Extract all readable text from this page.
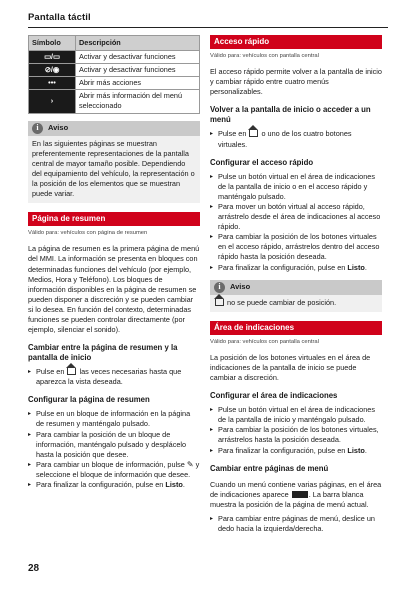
Pantalla táctil
Símbolo	Descripción
▭/▭	Activar y desactivar funciones
⊘/◉	Activar y desactivar funciones
•••	Abrir más acciones
›	Abrir más información del menú seleccionado
i	Aviso
En las siguientes páginas se muestran preferentemente representaciones de la pantalla central de mayor tamaño posible. Dependiendo del equipamiento del vehículo, la representación o la posición de los elementos que se muestran puede variar.
Página de resumen
Válido para: vehículos con página de resumen

La página de resumen es la primera página de menú del MMI. La información se presenta en bloques con determinadas funciones del vehículo (por ejemplo, Medios, Hora y Teléfono). Los bloques de información disponibles en la página de resumen se pueden disponer a discreción y se pueden cambiar si lo desea. En función del contexto, determinadas funciones se pueden controlar directamente (por ejemplo, silenciar el sonido).

Cambiar entre la página de resumen y la pantalla de inicio
▸ Pulse en  las veces necesarias hasta que aparezca la vista deseada.
Configurar la página de resumen
▸ Pulse en un bloque de información en la página de resumen y manténgalo pulsado.
▸ Para cambiar la posición de un bloque de información, manténgalo pulsado y desplácelo hasta la posición que desee.
▸ Para cambiar un bloque de información, pulse ✎ y seleccione el bloque de información que desee.
▸ Para finalizar la configuración, pulse en Listo.
Acceso rápido
Válido para: vehículos con pantalla central

El acceso rápido permite volver a la pantalla de inicio y cambiar rápido entre cuatro menús personalizables.

Volver a la pantalla de inicio o acceder a un menú
▸ Pulse en  o uno de los cuatro botones virtuales.
Configurar el acceso rápido
▸ Pulse un botón virtual en el área de indicaciones de la pantalla de inicio o en el acceso rápido y manténgalo pulsado.
▸ Para mover un botón virtual al acceso rápido, arrástrelo desde el área de indicaciones al acceso rápido.
▸ Para cambiar la posición de los botones virtuales en el acceso rápido, arrástrelos dentro del acceso rápido hasta la posición deseada.
▸ Para finalizar la configuración, pulse en Listo.
i	Aviso
no se puede cambiar de posición.
Área de indicaciones
Válido para: vehículos con pantalla central

La posición de los botones virtuales en el área de indicaciones de la pantalla de inicio se puede cambiar a discreción.

Configurar el área de indicaciones
▸ Pulse un botón virtual en el área de indicaciones de la pantalla de inicio y manténgalo pulsado.
▸ Para cambiar la posición de los botones virtuales, arrástrelos hasta la posición deseada.
▸ Para finalizar la configuración, pulse en Listo.
Cambiar entre páginas de menú

Cuando un menú contiene varias páginas, en el área de indicaciones aparece . La barra blanca muestra la posición de la página de menú actual.

▸ Para cambiar entre páginas de menú, deslice un dedo hacia la izquierda/derecha.
28
